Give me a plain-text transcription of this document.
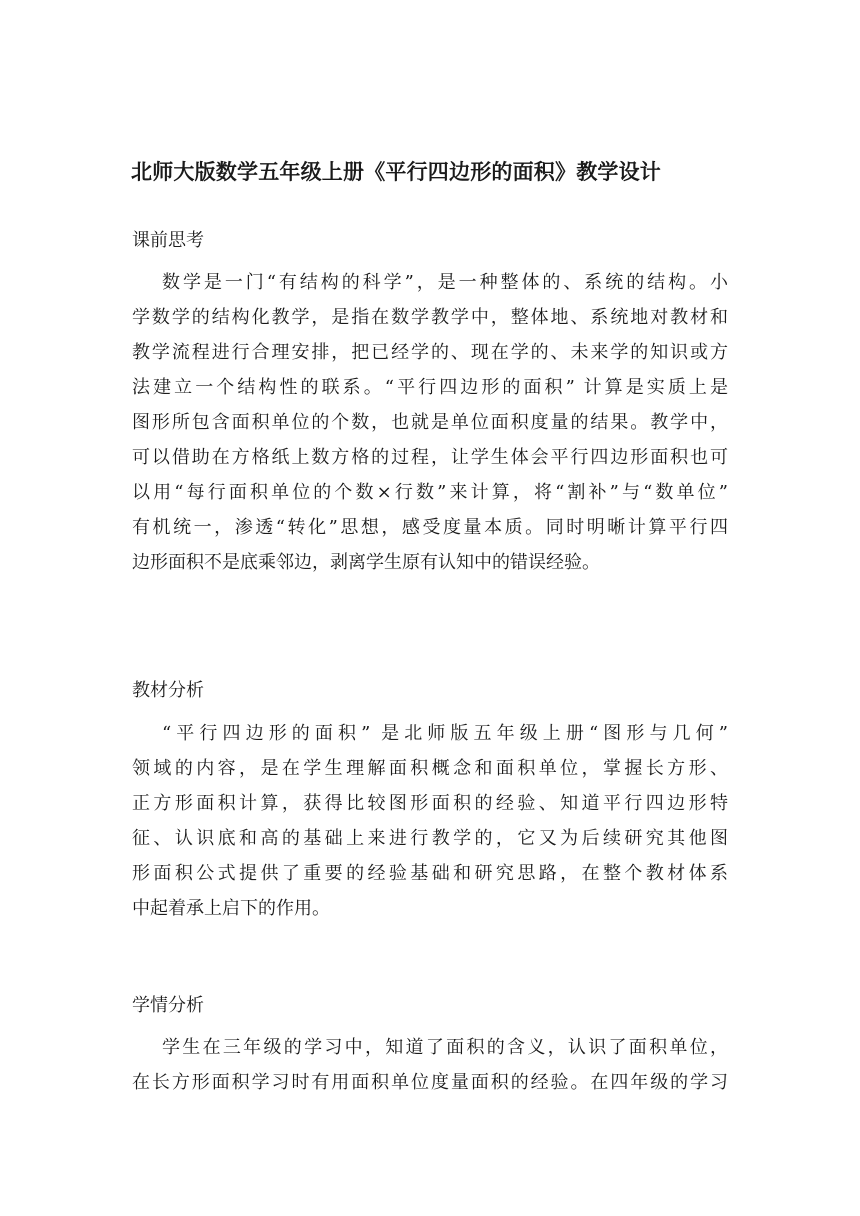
北师大版数学五年级上册《平行四边形的面积》教学设计
课前思考
数学是一门“有结构的科学”，是一种整体的、系统的结构。小
学数学的结构化教学，是指在数学教学中，整体地、系统地对教材和
教学流程进行合理安排，把已经学的、现在学的、未来学的知识或方
法建立一个结构性的联系。“平行四边形的面积” 计算是实质上是
图形所包含面积单位的个数，也就是单位面积度量的结果。教学中，
可以借助在方格纸上数方格的过程，让学生体会平行四边形面积也可
以用“每行面积单位的个数×行数”来计算，将“割补”与“数单位”
有机统一，渗透“转化”思想，感受度量本质。同时明晰计算平行四
边形面积不是底乘邻边，剥离学生原有认知中的错误经验。
教材分析
“平行四边形的面积” 是北师版五年级上册“图形与几何”
领域的内容，是在学生理解面积概念和面积单位，掌握长方形、
正方形面积计算，获得比较图形面积的经验、知道平行四边形特
征、认识底和高的基础上来进行教学的，它又为后续研究其他图
形面积公式提供了重要的经验基础和研究思路，在整个教材体系
中起着承上启下的作用。
学情分析
学生在三年级的学习中，知道了面积的含义，认识了面积单位，
在长方形面积学习时有用面积单位度量面积的经验。在四年级的学习
